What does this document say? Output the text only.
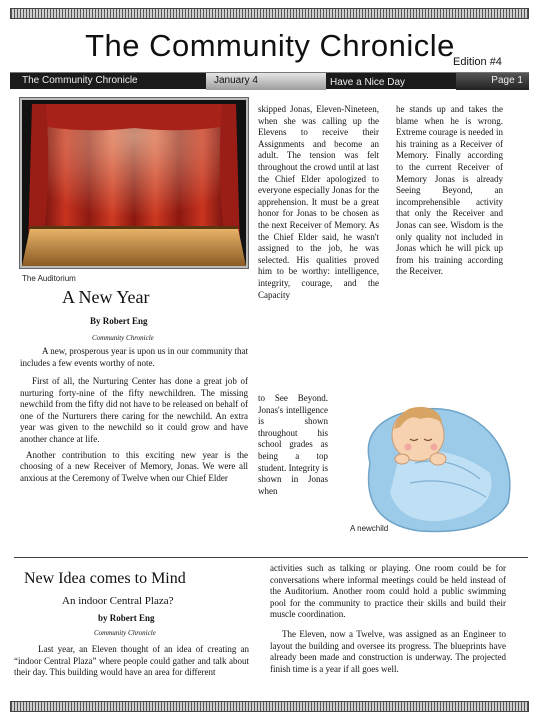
The Community Chronicle
Edition #4
The Community Chronicle	January 4	Have a Nice Day	Page 1
The Auditorium
A New Year
By Robert Eng
Community Chronicle

A new, prosperous year is upon us in our community that includes a few events worthy of note.

First of all, the Nurturing Center has done a great job of nurturing forty-nine of the fifty newchildren. The missing newchild from the fifty did not have to be released on behalf of one of the Nurturers there caring for the newchild. An extra year was given to the newchild so it could grow and have another chance at life.

Another contribution to this exciting new year is the choosing of a new Receiver of Memory, Jonas. We were all anxious at the Ceremony of Twelve when our Chief Elder

skipped Jonas, Eleven-Nineteen, when she was calling up the Elevens to receive their Assignments and become an adult. The tension was felt throughout the crowd until at last the Chief Elder apologized to everyone especially Jonas for the apprehension. It must be a great honor for Jonas to be chosen as the next Receiver of Memory. As the Chief Elder said, he wasn't assigned to the job, he was selected. His qualities proved him to be worthy: intelligence, integrity, courage, and the Capacity

he stands up and takes the blame when he is wrong. Extreme courage is needed in his training as a Receiver of Memory. Finally according to the current Receiver of Memory Jonas is already Seeing Beyond, an incomprehensible activity that only the Receiver and Jonas can see. Wisdom is the only quality not included in Jonas which he will pick up from his training according the Receiver.

to See Beyond. Jonas's intelligence is shown throughout his school grades as being a top student. Integrity is shown in Jonas when

A newchild
New Idea comes to Mind
An indoor Central Plaza?
by Robert Eng
Community Chronicle

Last year, an Eleven thought of an idea of creating an “indoor Central Plaza” where people could gather and talk about their day. This building would have an area for different

activities such as talking or playing. One room could be for conversations where informal meetings could be held instead of the Auditorium. Another room could hold a public swimming pool for the community to practice their skills and build their muscle coordination.

The Eleven, now a Twelve, was assigned as an Engineer to layout the building and oversee its progress. The blueprints have already been made and construction is underway. The projected finish time is a year if all goes well.
